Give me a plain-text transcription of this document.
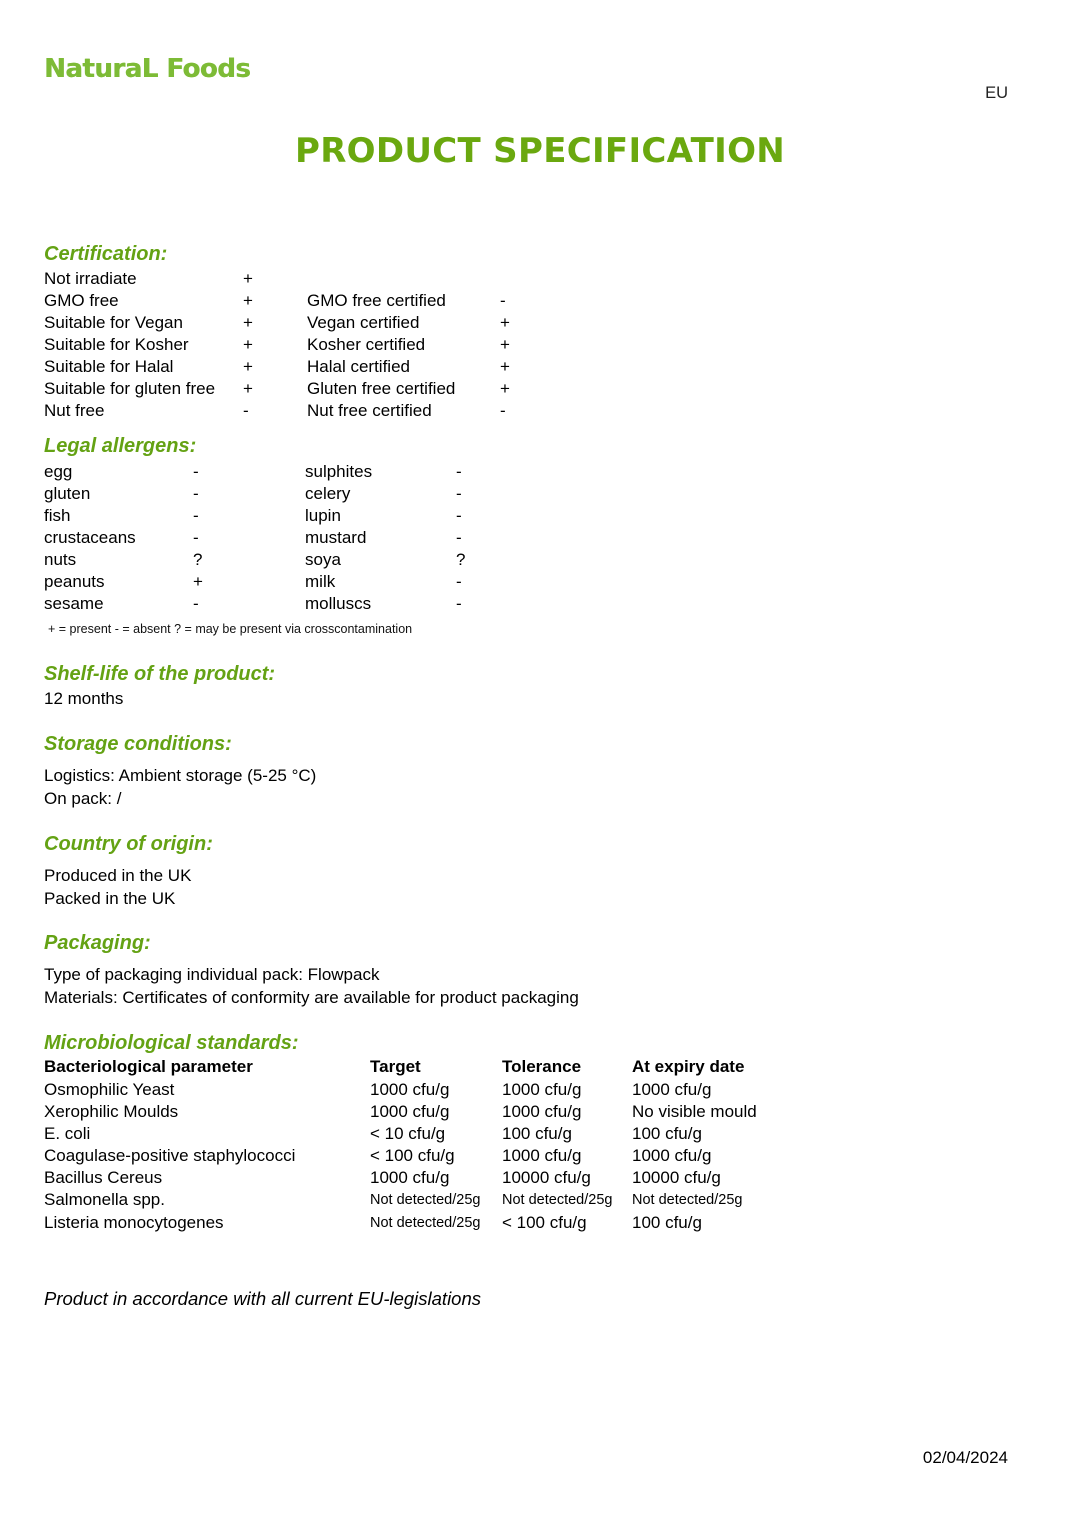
NaturaL Foods
EU
PRODUCT SPECIFICATION
Certification:
Not irradiate	+
GMO free	+	GMO free certified	-
Suitable for Vegan	+	Vegan certified	+
Suitable for Kosher	+	Kosher certified	+
Suitable for Halal	+	Halal certified	+
Suitable for gluten free +	Gluten free certified	+
Nut free	-	Nut free certified	-
Legal allergens:
egg	-	sulphites	-
gluten	-	celery	-
fish	-	lupin	-
crustaceans	-	mustard	-
nuts	?	soya	?
peanuts	+	milk	-
sesame	-	molluscs	-
+ = present - = absent ? = may be present via crosscontamination
Shelf-life of the product:
12 months
Storage conditions:
Logistics: Ambient storage (5-25 °C)
On pack: /
Country of origin:
Produced in the UK
Packed in the UK
Packaging:
Type of packaging individual pack: Flowpack
Materials: Certificates of conformity are available for product packaging
Microbiological standards:
Bacteriological parameter	Target	Tolerance	At expiry date
Osmophilic Yeast	1000 cfu/g	1000 cfu/g	1000 cfu/g
Xerophilic Moulds	1000 cfu/g	1000 cfu/g	No visible mould
E. coli	< 10 cfu/g	100 cfu/g	100 cfu/g
Coagulase-positive staphylococci	< 100 cfu/g	1000 cfu/g	1000 cfu/g
Bacillus Cereus	1000 cfu/g	10000 cfu/g 10000 cfu/g
Salmonella spp.	Not detected/25g Not detected/25g Not detected/25g
Listeria monocytogenes	Not detected/25g < 100 cfu/g	100 cfu/g
Product in accordance with all current EU-legislations
02/04/2024
